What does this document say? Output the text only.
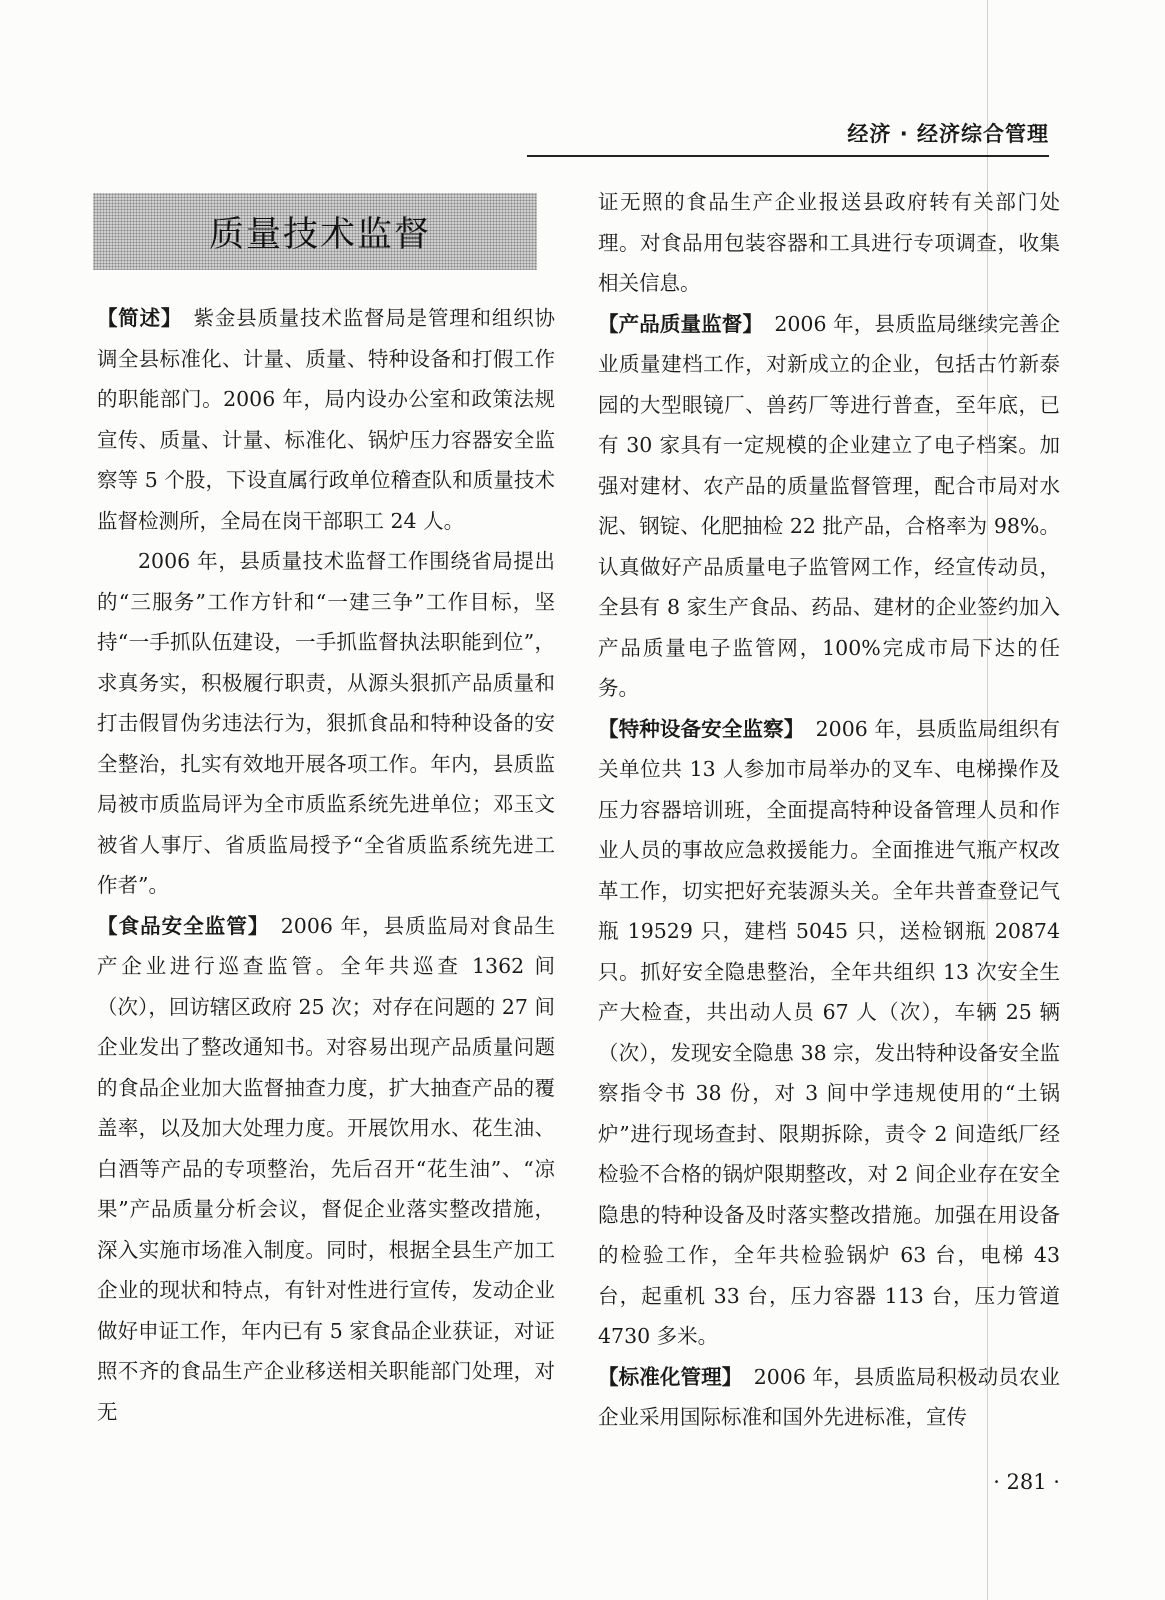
经济 · 经济综合管理
质量技术监督

【简述】 紫金县质量技术监督局是管理和组织协调全县标准化、计量、质量、特种设备和打假工作的职能部门。2006 年，局内设办公室和政策法规宣传、质量、计量、标准化、锅炉压力容器安全监察等 5 个股，下设直属行政单位稽查队和质量技术监督检测所，全局在岗干部职工 24 人。

2006 年，县质量技术监督工作围绕省局提出的“三服务”工作方针和“一建三争”工作目标，坚持“一手抓队伍建设，一手抓监督执法职能到位”，求真务实，积极履行职责，从源头狠抓产品质量和打击假冒伪劣违法行为，狠抓食品和特种设备的安全整治，扎实有效地开展各项工作。年内，县质监局被市质监局评为全市质监系统先进单位；邓玉文被省人事厅、省质监局授予“全省质监系统先进工作者”。

【食品安全监管】 2006 年，县质监局对食品生产企业进行巡查监管。全年共巡查 1362 间（次），回访辖区政府 25 次；对存在问题的 27 间企业发出了整改通知书。对容易出现产品质量问题的食品企业加大监督抽查力度，扩大抽查产品的覆盖率，以及加大处理力度。开展饮用水、花生油、白酒等产品的专项整治，先后召开“花生油”、“凉果”产品质量分析会议，督促企业落实整改措施，深入实施市场准入制度。同时，根据全县生产加工企业的现状和特点，有针对性进行宣传，发动企业做好申证工作，年内已有 5 家食品企业获证，对证照不齐的食品生产企业移送相关职能部门处理，对无

证无照的食品生产企业报送县政府转有关部门处理。对食品用包装容器和工具进行专项调查，收集相关信息。

【产品质量监督】 2006 年，县质监局继续完善企业质量建档工作，对新成立的企业，包括古竹新泰园的大型眼镜厂、兽药厂等进行普查，至年底，已有 30 家具有一定规模的企业建立了电子档案。加强对建材、农产品的质量监督管理，配合市局对水泥、钢锭、化肥抽检 22 批产品，合格率为 98%。认真做好产品质量电子监管网工作，经宣传动员，全县有 8 家生产食品、药品、建材的企业签约加入产品质量电子监管网，100%完成市局下达的任务。

【特种设备安全监察】 2006 年，县质监局组织有关单位共 13 人参加市局举办的叉车、电梯操作及压力容器培训班，全面提高特种设备管理人员和作业人员的事故应急救援能力。全面推进气瓶产权改革工作，切实把好充装源头关。全年共普查登记气瓶 19529 只，建档 5045 只，送检钢瓶 20874 只。抓好安全隐患整治，全年共组织 13 次安全生产大检查，共出动人员 67 人（次），车辆 25 辆（次），发现安全隐患 38 宗，发出特种设备安全监察指令书 38 份，对 3 间中学违规使用的“土锅炉”进行现场查封、限期拆除，责令 2 间造纸厂经检验不合格的锅炉限期整改，对 2 间企业存在安全隐患的特种设备及时落实整改措施。加强在用设备的检验工作，全年共检验锅炉 63 台，电梯 43 台，起重机 33 台，压力容器 113 台，压力管道 4730 多米。

【标准化管理】 2006 年，县质监局积极动员农业企业采用国际标准和国外先进标准，宣传

· 281 ·
